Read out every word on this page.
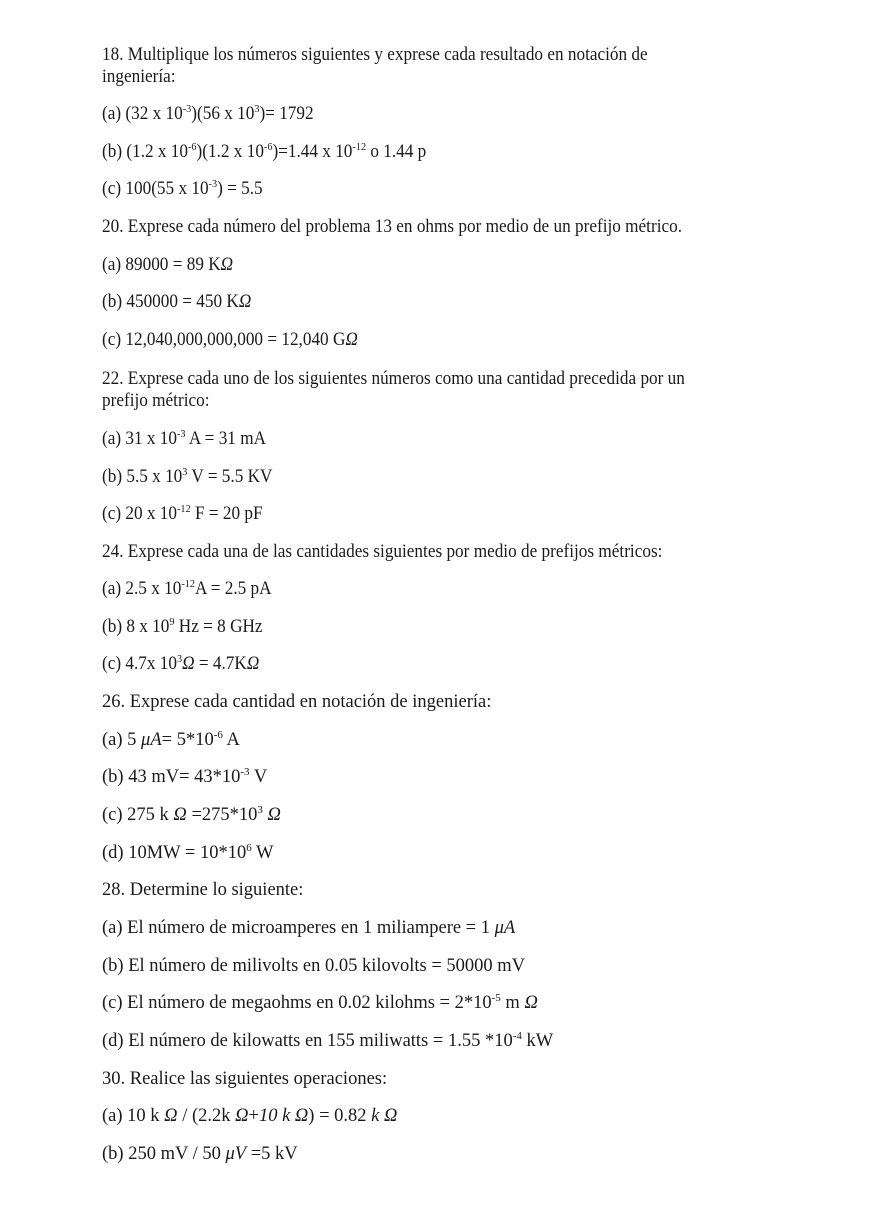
18. Multiplique los números siguientes y exprese cada resultado en notación de
ingeniería:
(a) (32 x $10^{-3})(56$ x $10^3)= 1792$
(b) (1.2 x $10^{-6})(1.2$ x $10^{-6})=1.44$ x $10^{-12}$ o 1.44 p
(c) 100(55 x $10^{-3}) = 5.5$
20. Exprese cada número del problema 13 en ohms por medio de un prefijo métrico.
(a) 89000 = 89 KΩ
(b) 450000 = 450 KΩ
(c) 12,040,000,000,000 = 12,040 GΩ
22. Exprese cada uno de los siguientes números como una cantidad precedida por un
prefijo métrico:
(a) 31 x $10^{-3}$ A = 31 mA
(b) 5.5 x $10^3$ V = 5.5 KV
(c) 20 x $10^{-12}$ F = 20 pF
24. Exprese cada una de las cantidades siguientes por medio de prefijos métricos:
(a) 2.5 x $10^{-12}A = 2.5$ pA
(b) 8 x $10^9$ Hz = 8 GHz
(c) 4.7x $10^3\Omega = 4.7K\Omega$
26. Exprese cada cantidad en notación de ingeniería:
(a) 5 $\mu A= 5*10^{-6}$ A
(b) 43 $mV= 43*10^{-3}$ V
(c) 275 k $\Omega =275*10^3$ Ω
(d) $10MW = 10*10^6$ W
28. Determine lo siguiente:
(a) El número de microamperes en 1 miliampere = 1 μA
(b) El número de milivolts en 0.05 kilovolts = 50000 mV
(c) El número de megaohms en 0.02 kilohms = $2*10^{-5}$ m Ω
(d) El número de kilowatts en 155 miliwatts = 1.55 $*10^{-4}$ kW
30. Realice las siguientes operaciones:
(a) 10 k Ω / (2.2k Ω+10 k Ω) = 0.82 k Ω
(b) 250 mV / 50 μV =5 kV
